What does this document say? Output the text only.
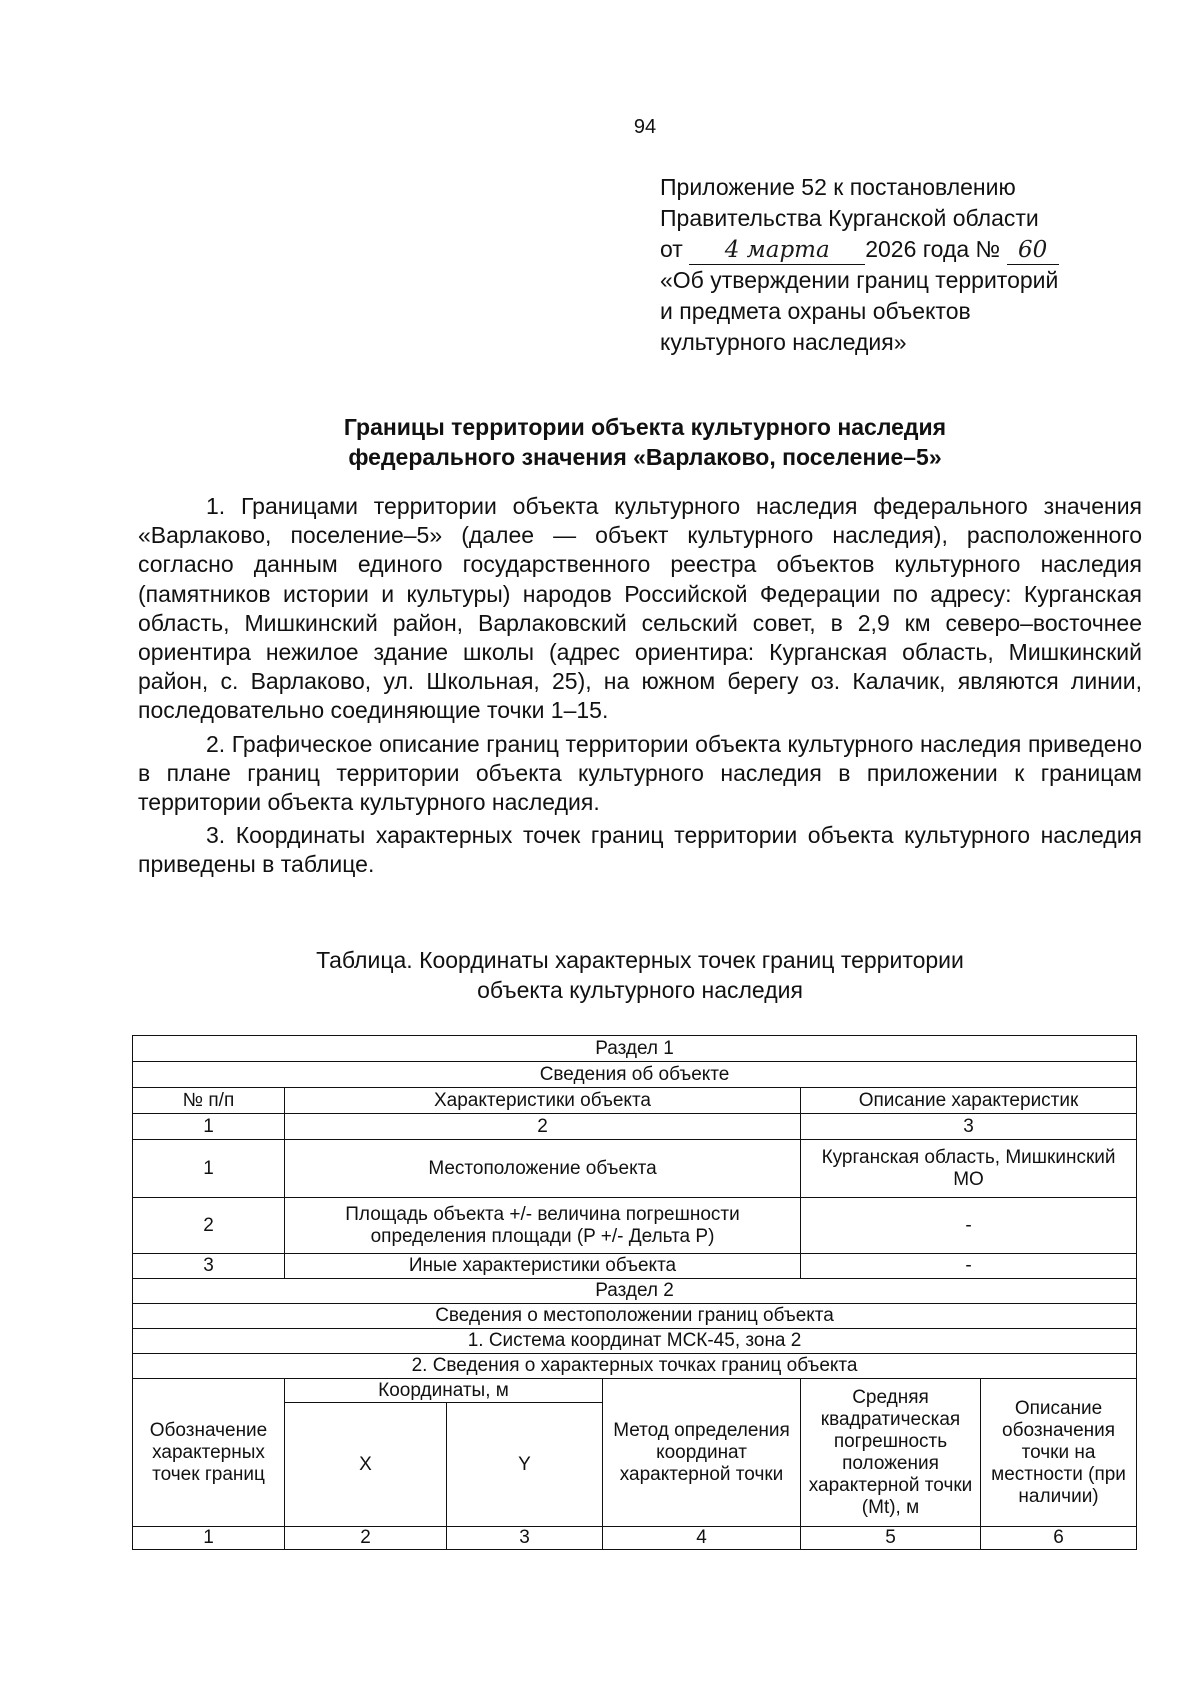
94
Приложение 52 к постановлению
Правительства Курганской области
от 4 марта 2026 года № 60
«Об утверждении границ территорий
и предмета охраны объектов
культурного наследия»
Границы территории объекта культурного наследия
федерального значения «Варлаково, поселение–5»

1. Границами территории объекта культурного наследия федерального значения «Варлаково, поселение–5» (далее — объект культурного наследия), расположенного согласно данным единого государственного реестра объектов культурного наследия (памятников истории и культуры) народов Российской Федерации по адресу: Курганская область, Мишкинский район, Варлаковский сельский совет, в 2,9 км северо–восточнее ориентира нежилое здание школы (адрес ориентира: Курганская область, Мишкинский район, с. Варлаково, ул. Школьная, 25), на южном берегу оз. Калачик, являются линии, последовательно соединяющие точки 1–15.

2. Графическое описание границ территории объекта культурного наследия приведено в плане границ территории объекта культурного наследия в приложении к границам территории объекта культурного наследия.

3. Координаты характерных точек границ территории объекта культурного наследия приведены в таблице.

Таблица. Координаты характерных точек границ территории
объекта культурного наследия
Раздел 1					
Сведения об объекте					
№ п/п	Характеристики объекта			Описание характеристик	
1	2			3	
1	Местоположение объекта			Курганская область, Мишкинский МО	
2	Площадь объекта +/- величина погрешности определения площади (P +/- Дельта P)			-	
3	Иные характеристики объекта			-	
Раздел 2					
Сведения о местоположении границ объекта					
1. Система координат МСК-45, зона 2					
2. Сведения о характерных точках границ объекта					
Обозначение характерных точек границ	Координаты, м		Метод определения координат характерной точки	Средняя квадратическая погрешность положения характерной точки (Mt), м	Описание обозначения точки на местности (при наличии)
	X	Y			
1	2	3	4	5	6
